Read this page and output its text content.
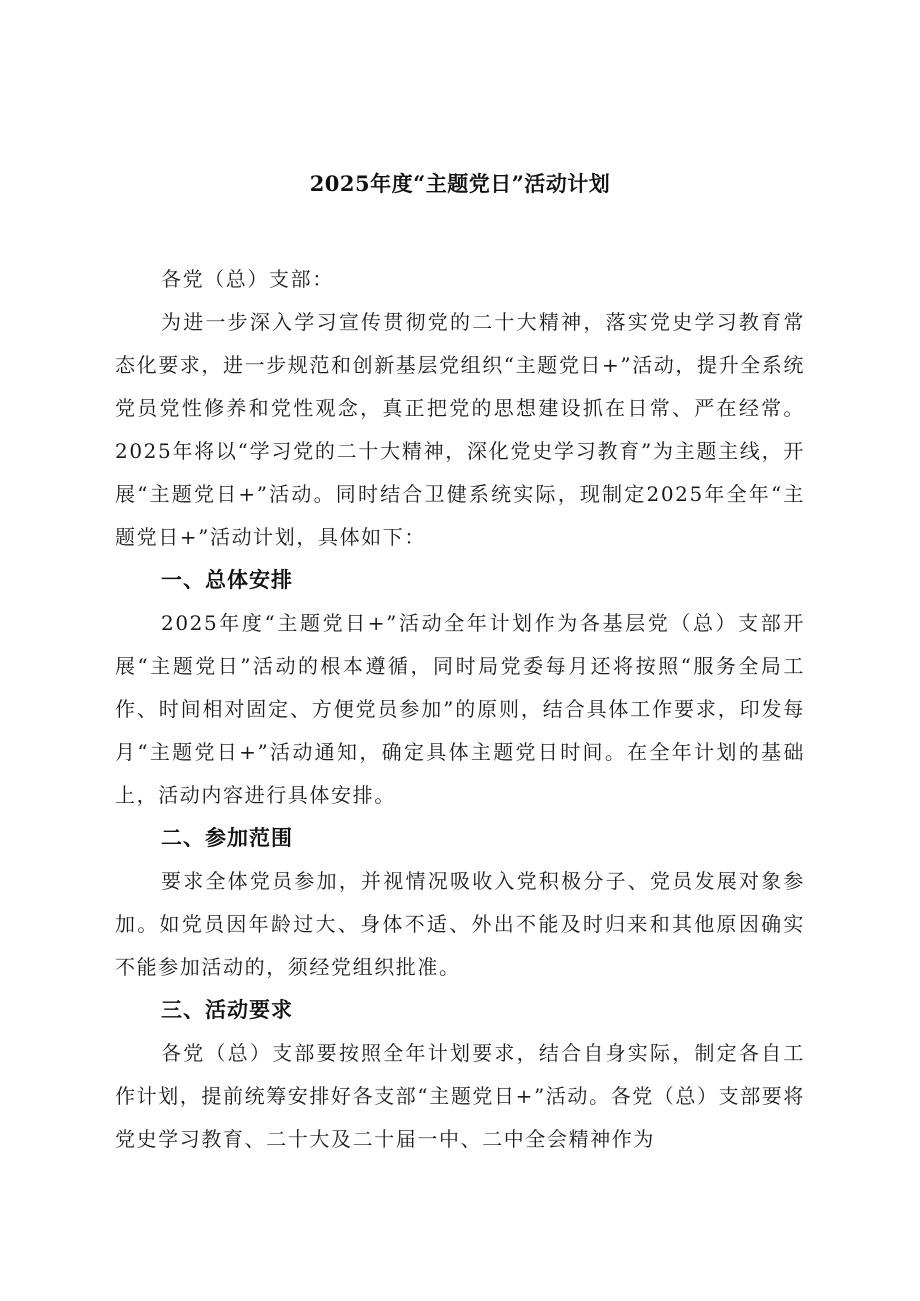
2025年度“主题党日”活动计划

各党（总）支部：

为进一步深入学习宣传贯彻党的二十大精神，落实党史学习教育常态化要求，进一步规范和创新基层党组织“主题党日+”活动，提升全系统党员党性修养和党性观念，真正把党的思想建设抓在日常、严在经常。2025年将以“学习党的二十大精神，深化党史学习教育”为主题主线，开展“主题党日+”活动。同时结合卫健系统实际，现制定2025年全年“主题党日+”活动计划，具体如下：

一、总体安排

2025年度“主题党日+”活动全年计划作为各基层党（总）支部开展“主题党日”活动的根本遵循，同时局党委每月还将按照“服务全局工作、时间相对固定、方便党员参加”的原则，结合具体工作要求，印发每月“主题党日+”活动通知，确定具体主题党日时间。在全年计划的基础上，活动内容进行具体安排。

二、参加范围

要求全体党员参加，并视情况吸收入党积极分子、党员发展对象参加。如党员因年龄过大、身体不适、外出不能及时归来和其他原因确实不能参加活动的，须经党组织批准。

三、活动要求

各党（总）支部要按照全年计划要求，结合自身实际，制定各自工作计划，提前统筹安排好各支部“主题党日+”活动。各党（总）支部要将党史学习教育、二十大及二十届一中、二中全会精神作为
